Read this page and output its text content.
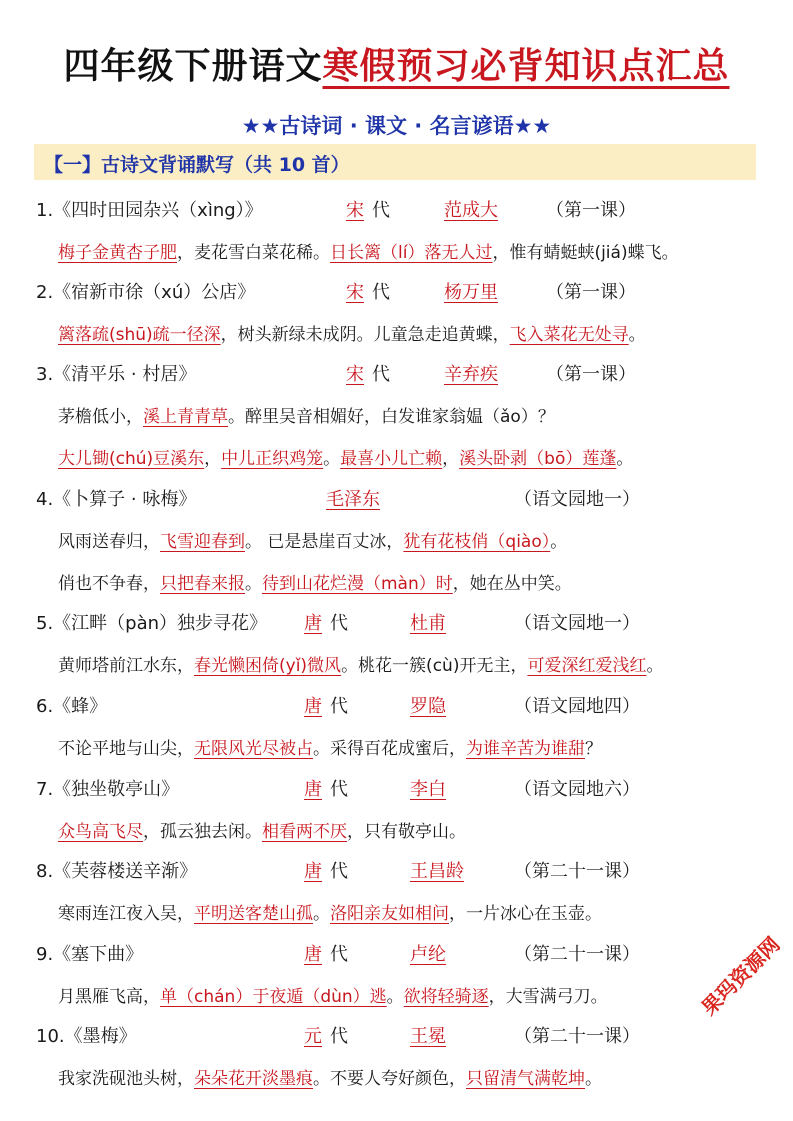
四年级下册语文寒假预习必背知识点汇总
★★古诗词 · 课文 · 名言谚语★★
【一】古诗文背诵默写（共 10 首）
1.《四时田园杂兴（xìng）》	宋 代	范成大	（第一课）
梅子金黄杏子肥，麦花雪白菜花稀。日长篱（lí）落无人过，惟有蜻蜓蛱(jiá)蝶飞。
2.《宿新市徐（xú）公店》	宋 代	杨万里	（第一课）
篱落疏(shū)疏一径深，树头新绿未成阴。儿童急走追黄蝶，飞入菜花无处寻。
3.《清平乐 · 村居》	宋 代	辛弃疾	（第一课）
茅檐低小，溪上青青草。醉里吴音相媚好，白发谁家翁媪（ǎo）？
大儿锄(chú)豆溪东，中儿正织鸡笼。最喜小儿亡赖，溪头卧剥（bō）莲蓬。
4.《卜算子 · 咏梅》	毛泽东	（语文园地一）
风雨送春归，飞雪迎春到。 已是悬崖百丈冰，犹有花枝俏（qiào）。
俏也不争春，只把春来报。待到山花烂漫（màn）时，她在丛中笑。
5.《江畔（pàn）独步寻花》 唐 代	杜甫	（语文园地一）
黄师塔前江水东，春光懒困倚(yǐ)微风。桃花一簇(cù)开无主，可爱深红爱浅红。
6.《蜂》	唐 代	罗隐	（语文园地四）
不论平地与山尖，无限风光尽被占。采得百花成蜜后，为谁辛苦为谁甜？
7.《独坐敬亭山》	唐 代	李白	（语文园地六）
众鸟高飞尽，孤云独去闲。相看两不厌，只有敬亭山。
8.《芙蓉楼送辛渐》	唐 代	王昌龄	（第二十一课）
寒雨连江夜入吴，平明送客楚山孤。洛阳亲友如相问，一片冰心在玉壶。
9.《塞下曲》	唐 代	卢纶	（第二十一课）
月黑雁飞高，单（chán）于夜遁（dùn）逃。欲将轻骑逐，大雪满弓刀。
10.《墨梅》	元 代	王冕	（第二十一课）
我家洗砚池头树，朵朵花开淡墨痕。不要人夸好颜色，只留清气满乾坤。
果玛资源网
